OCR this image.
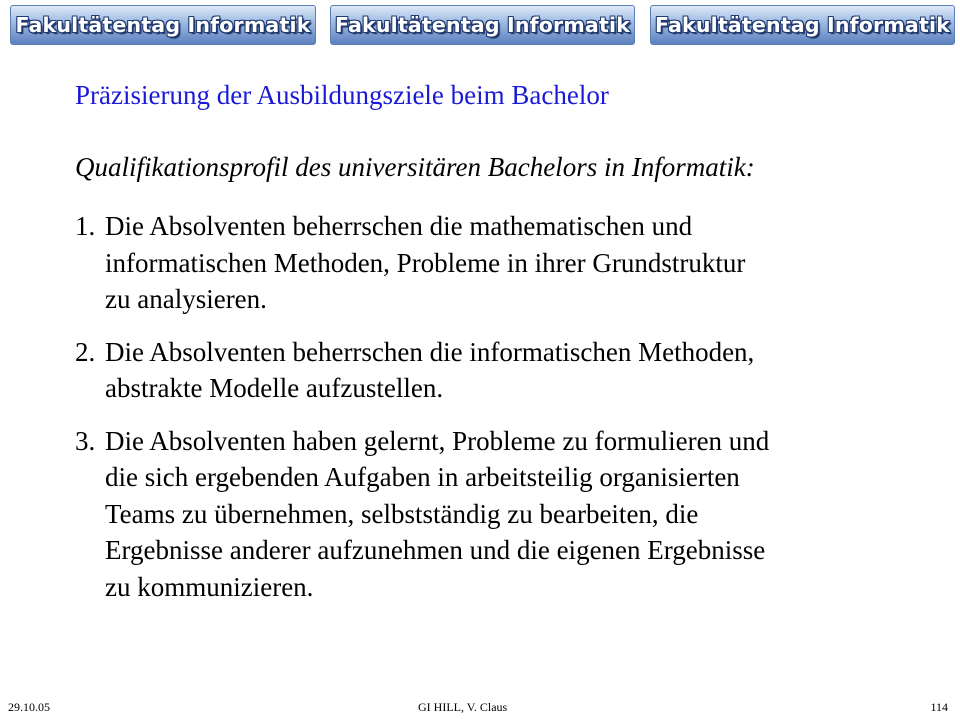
Fakultätentag Informatik Fakultätentag Informatik Fakultätentag Informatik
Präzisierung der Ausbildungsziele beim Bachelor
Qualifikationsprofil des universitären Bachelors in Informatik:
1. Die Absolventen beherrschen die mathematischen und
informatischen Methoden, Probleme in ihrer Grundstruktur
zu analysieren.
2. Die Absolventen beherrschen die informatischen Methoden,
abstrakte Modelle aufzustellen.
3. Die Absolventen haben gelernt, Probleme zu formulieren und
die sich ergebenden Aufgaben in arbeitsteilig organisierten
Teams zu übernehmen, selbstständig zu bearbeiten, die
Ergebnisse anderer aufzunehmen und die eigenen Ergebnisse
zu kommunizieren.
29.10.05	GI HILL, V. Claus	114
